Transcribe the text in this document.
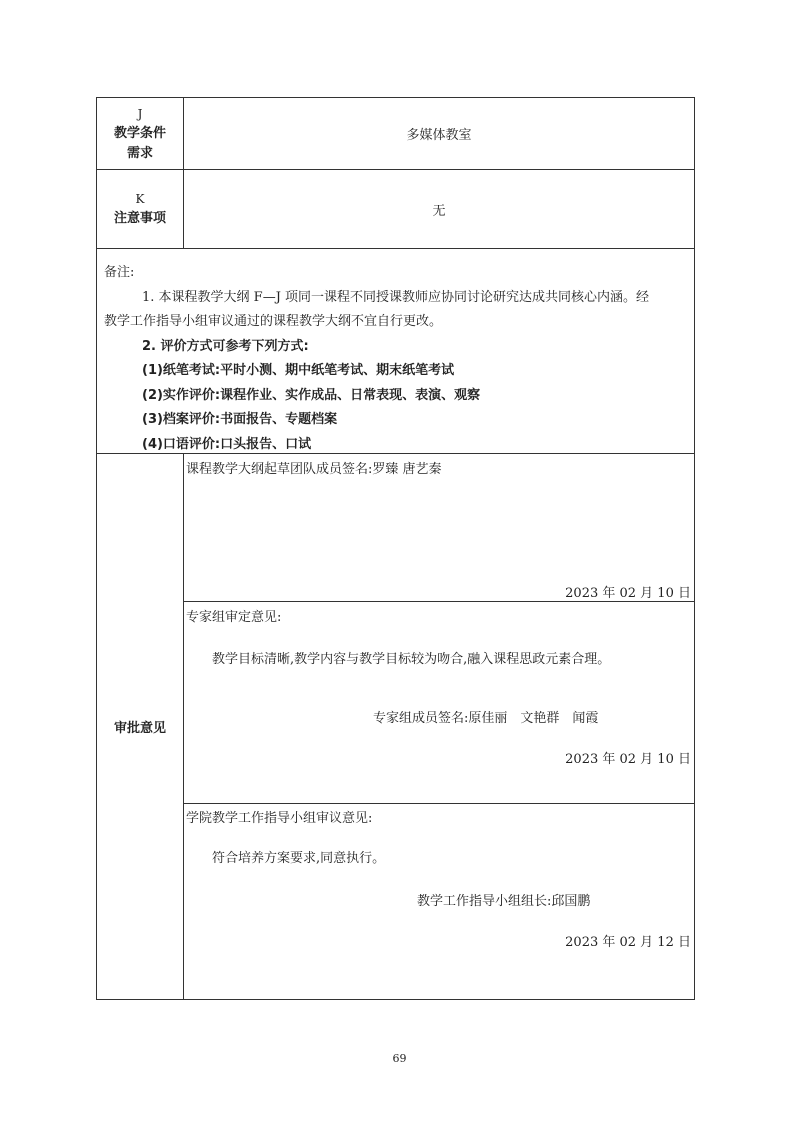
J
教学条件
需求
多媒体教室
K
注意事项	无
备注:
1. 本课程教学大纲 F—J 项同一课程不同授课教师应协同讨论研究达成共同核心内涵。经
教学工作指导小组审议通过的课程教学大纲不宜自行更改。
2. 评价方式可参考下列方式:
(1)纸笔考试:平时小测、期中纸笔考试、期末纸笔考试
(2)实作评价:课程作业、实作成品、日常表现、表演、观察
(3)档案评价:书面报告、专题档案
(4)口语评价:口头报告、口试
审批意见
课程教学大纲起草团队成员签名:罗臻 唐艺秦
2023 年 02 月 10 日
专家组审定意见:
教学目标清晰,教学内容与教学目标较为吻合,融入课程思政元素合理。
专家组成员签名:原佳丽　文艳群　闻霞
2023 年 02 月 10 日
学院教学工作指导小组审议意见:
符合培养方案要求,同意执行。
教学工作指导小组组长:邱国鹏
2023 年 02 月 12 日
69
